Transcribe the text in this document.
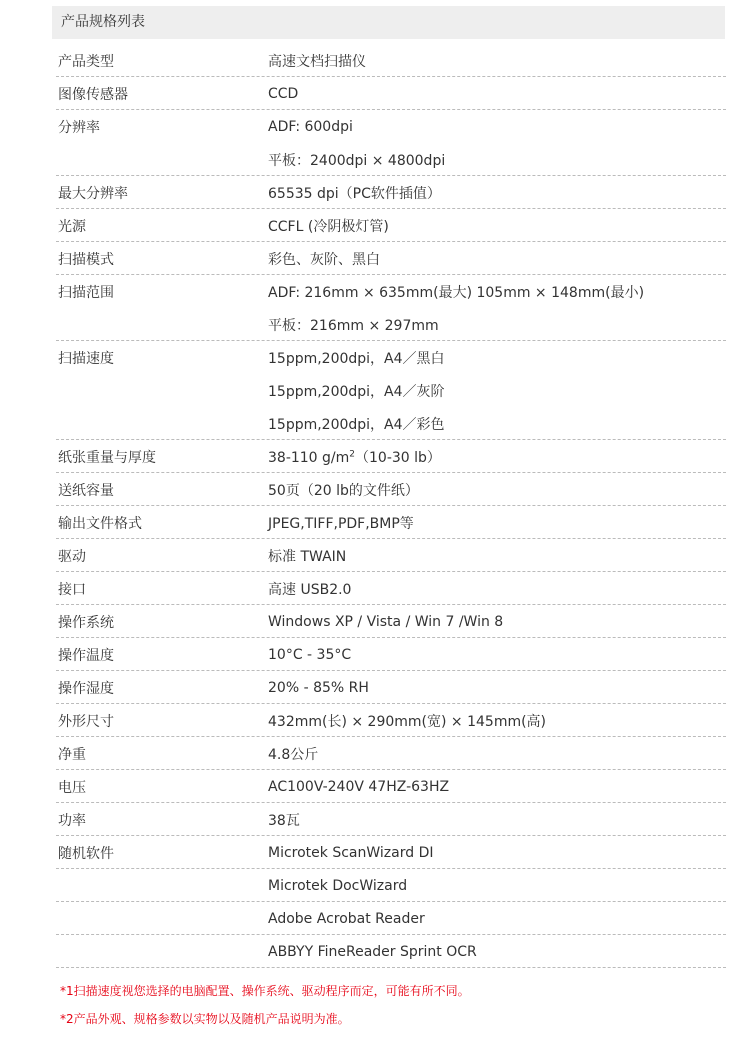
产品规格列表
产品类型	高速文档扫描仪
图像传感器	CCD
分辨率	ADF: 600dpi
平板：2400dpi × 4800dpi
最大分辨率	65535 dpi（PC软件插值）
光源	CCFL (冷阴极灯管)
扫描模式	彩色、灰阶、黑白
扫描范围	ADF: 216mm × 635mm(最大) 105mm × 148mm(最小)
平板：216mm × 297mm
扫描速度	15ppm,200dpi，A4／黑白
15ppm,200dpi，A4／灰阶
15ppm,200dpi，A4／彩色
纸张重量与厚度	38-110 $g/m^2(10-30$ lb）
送纸容量	50页（20 lb的文件纸）
输出文件格式	JPEG,TIFF,PDF,BMP等
驱动	标准 TWAIN
接口	高速 USB2.0
操作系统	Windows XP / Vista / Win 7 /Win 8
操作温度	10°C - 35°C
操作湿度	20% - 85% RH
外形尺寸	432mm(长) × 290mm(宽) × 145mm(高)
净重	4.8公斤
电压	AC100V-240V 47HZ-63HZ
功率	38瓦
随机软件	Microtek ScanWizard DI
Microtek DocWizard
Adobe Acrobat Reader
ABBYY FineReader Sprint OCR
*1扫描速度视您选择的电脑配置、操作系统、驱动程序而定，可能有所不同。
*2产品外观、规格参数以实物以及随机产品说明为准。
